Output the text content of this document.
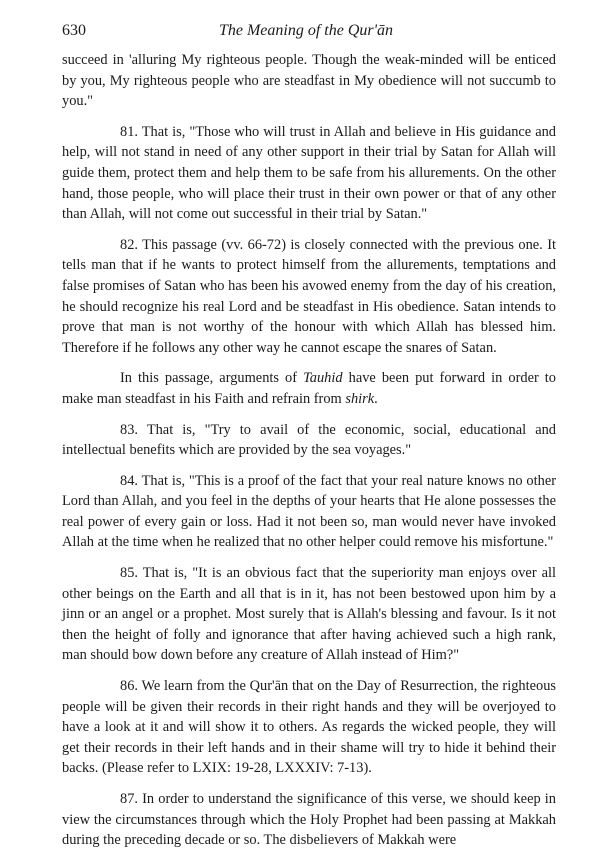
630	The Meaning of the Qur'ān

succeed in 'alluring My righteous people. Though the weak-minded will be enticed by you, My righteous people who are steadfast in My obedience will not succumb to you."

81. That is, "Those who will trust in Allah and believe in His guidance and help, will not stand in need of any other support in their trial by Satan for Allah will guide them, protect them and help them to be safe from his allurements. On the other hand, those people, who will place their trust in their own power or that of any other than Allah, will not come out successful in their trial by Satan."

82. This passage (vv. 66-72) is closely connected with the previous one. It tells man that if he wants to protect himself from the allurements, temptations and false promises of Satan who has been his avowed enemy from the day of his creation, he should recognize his real Lord and be steadfast in His obedience. Satan intends to prove that man is not worthy of the honour with which Allah has blessed him. Therefore if he follows any other way he cannot escape the snares of Satan.

In this passage, arguments of Tauhid have been put forward in order to make man steadfast in his Faith and refrain from shirk.

83. That is, "Try to avail of the economic, social, educational and intellectual benefits which are provided by the sea voyages."

84. That is, "This is a proof of the fact that your real nature knows no other Lord than Allah, and you feel in the depths of your hearts that He alone possesses the real power of every gain or loss. Had it not been so, man would never have invoked Allah at the time when he realized that no other helper could remove his misfortune."

85. That is, "It is an obvious fact that the superiority man enjoys over all other beings on the Earth and all that is in it, has not been bestowed upon him by a jinn or an angel or a prophet. Most surely that is Allah's blessing and favour. Is it not then the height of folly and ignorance that after having achieved such a high rank, man should bow down before any creature of Allah instead of Him?"

86. We learn from the Qur'ān that on the Day of Resurrection, the righteous people will be given their records in their right hands and they will be overjoyed to have a look at it and will show it to others. As regards the wicked people, they will get their records in their left hands and in their shame will try to hide it behind their backs. (Please refer to LXIX: 19-28, LXXXIV: 7-13).

87. In order to understand the significance of this verse, we should keep in view the circumstances through which the Holy Prophet had been passing at Makkah during the preceding decade or so. The disbelievers of Makkah were
